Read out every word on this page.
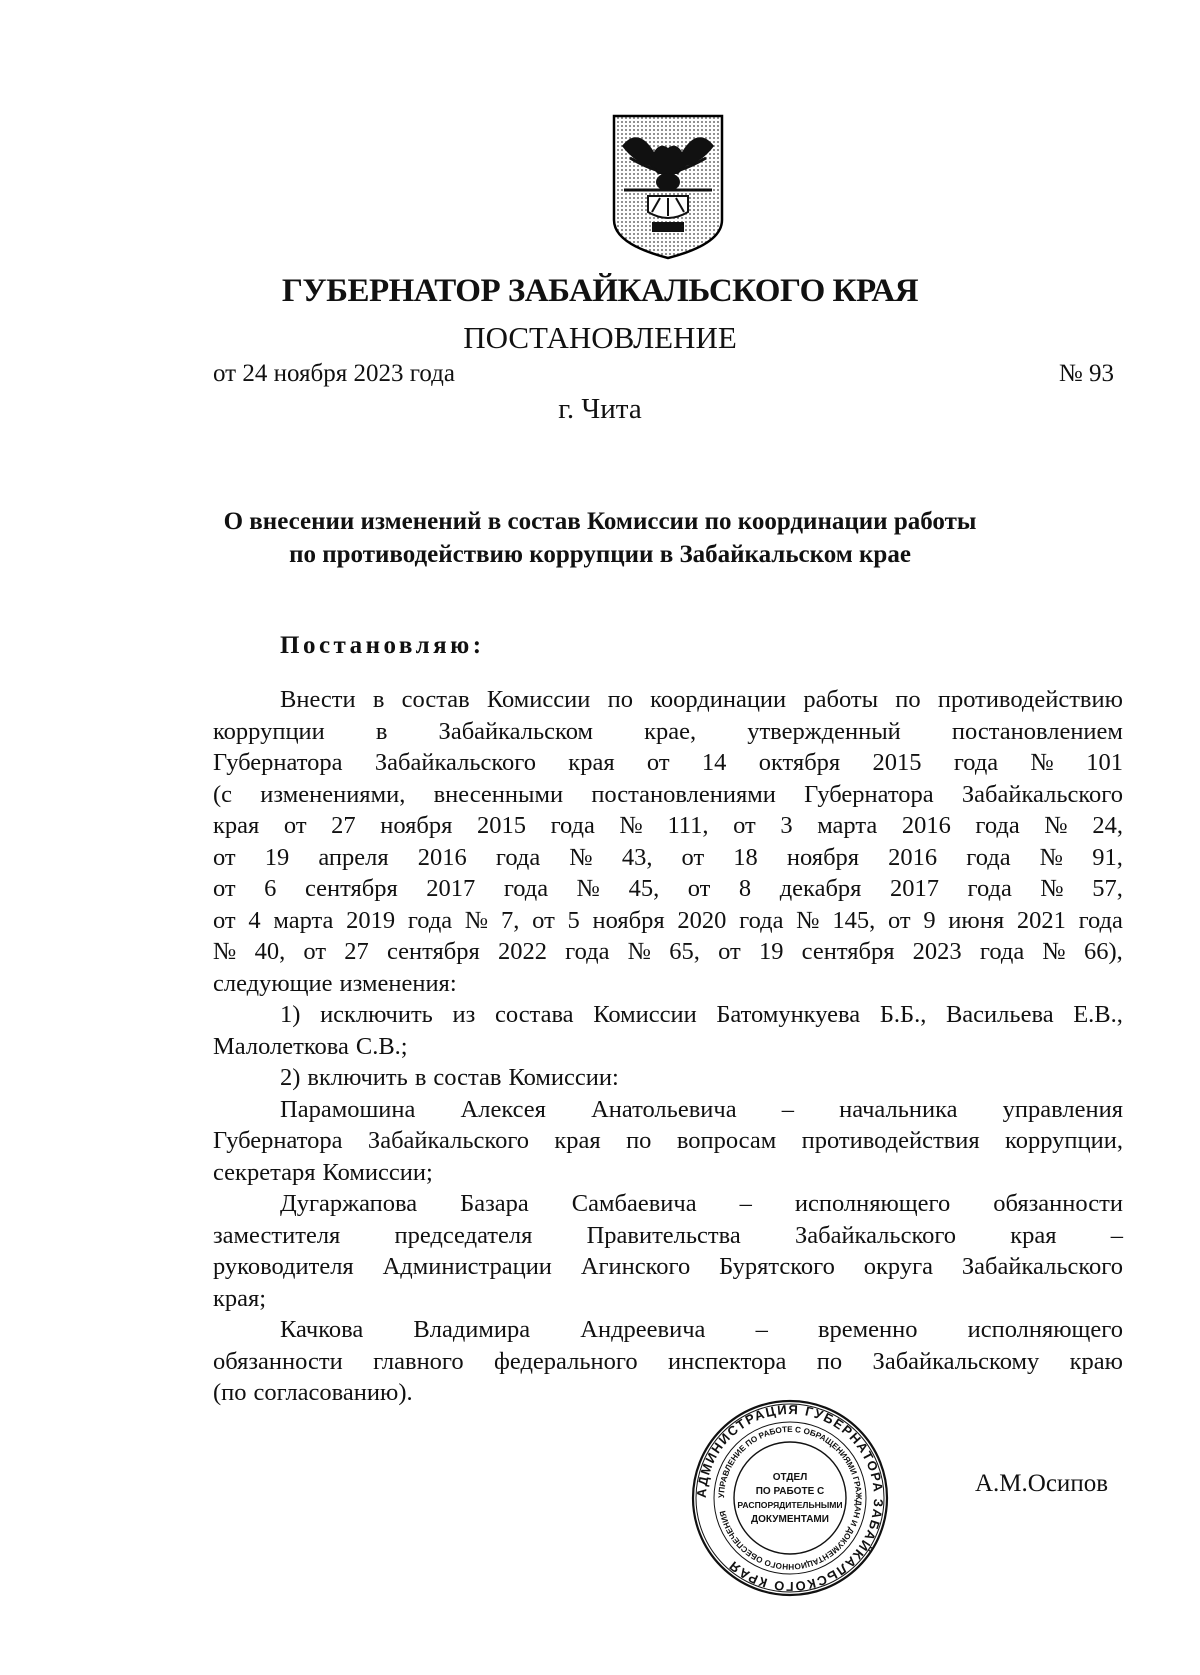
ГУБЕРНАТОР ЗАБАЙКАЛЬСКОГО КРАЯ
ПОСТАНОВЛЕНИЕ
от 24 ноября 2023 года	№ 93
г. Чита
О внесении изменений в состав Комиссии по координации работы
по противодействию коррупции в Забайкальском крае
Постановляю:
Внести в состав Комиссии по координации работы по противодействию
коррупции в Забайкальском крае, утвержденный постановлением
Губернатора Забайкальского края от 14 октября 2015 года № 101
(с изменениями, внесенными постановлениями Губернатора Забайкальского
края от 27 ноября 2015 года № 111, от 3 марта 2016 года № 24,
от 19 апреля 2016 года № 43, от 18 ноября 2016 года № 91,
от 6 сентября 2017 года № 45, от 8 декабря 2017 года № 57,
от 4 марта 2019 года № 7, от 5 ноября 2020 года № 145, от 9 июня 2021 года
№ 40, от 27 сентября 2022 года № 65, от 19 сентября 2023 года № 66),
следующие изменения:
1) исключить из состава Комиссии Батомункуева Б.Б., Васильева Е.В.,
Малолеткова С.В.;
2) включить в состав Комиссии:
Парамошина Алексея Анатольевича – начальника управления
Губернатора Забайкальского края по вопросам противодействия коррупции,
секретаря Комиссии;
Дугаржапова Базара Самбаевича – исполняющего обязанности
заместителя председателя Правительства Забайкальского края –
руководителя Администрации Агинского Бурятского округа Забайкальского
края;
Качкова Владимира Андреевича – временно исполняющего
обязанности главного федерального инспектора по Забайкальскому краю
(по согласованию).
АДМИНИСТРАЦИЯ ГУБЕРНАТОРА ЗАБАЙКАЛЬСКОГО КРАЯ
УПРАВЛЕНИЕ ПО РАБОТЕ С ОБРАЩЕНИЯМИ ГРАЖДАН И ДОКУМЕНТАЦИОННОГО ОБЕСПЕЧЕНИЯ
ОТДЕЛ
ПО РАБОТЕ С
РАСПОРЯДИТЕЛЬНЫМИ
ДОКУМЕНТАМИ
А.М.Осипов
